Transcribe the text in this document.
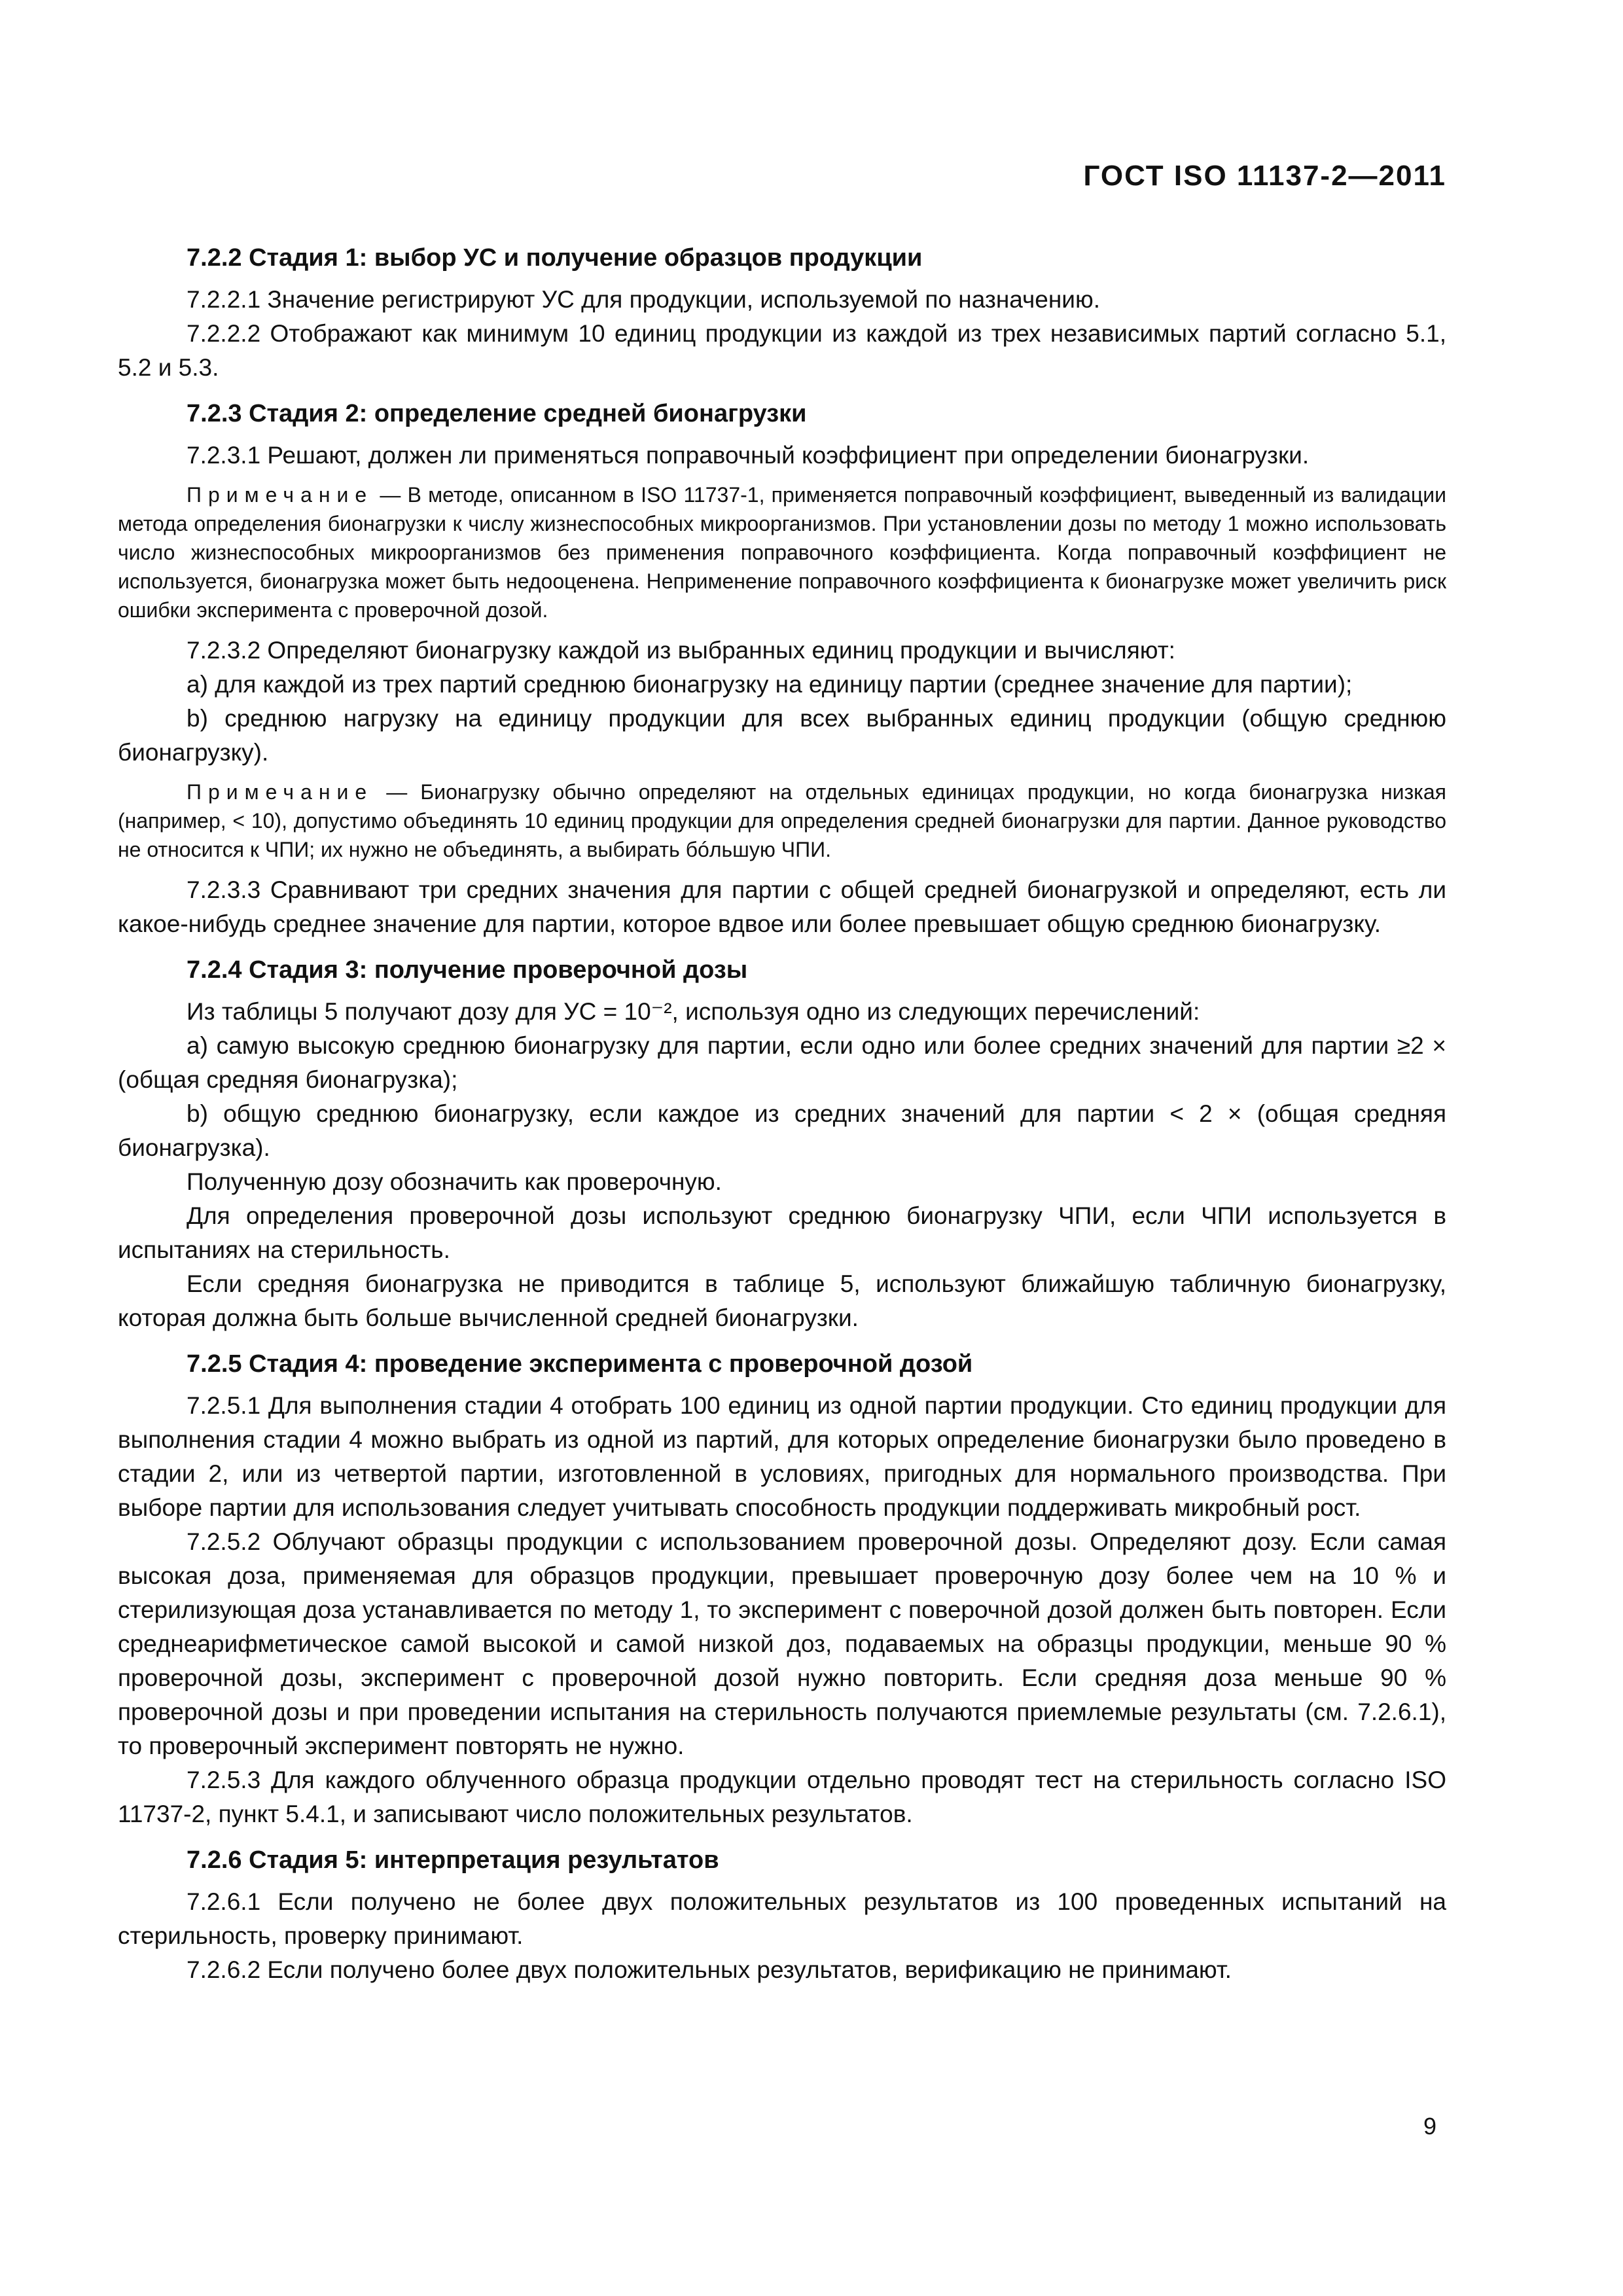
ГОСТ ISO 11137-2—2011
7.2.2 Стадия 1: выбор УС и получение образцов продукции

7.2.2.1 Значение регистрируют УС для продукции, используемой по назначению.

7.2.2.2 Отображают как минимум 10 единиц продукции из каждой из трех независимых партий согласно 5.1, 5.2 и 5.3.

7.2.3 Стадия 2: определение средней бионагрузки

7.2.3.1 Решают, должен ли применяться поправочный коэффициент при определении бионагрузки.

Примечание — В методе, описанном в ISO 11737-1, применяется поправочный коэффициент, выведенный из валидации метода определения бионагрузки к числу жизнеспособных микроорганизмов. При установлении дозы по методу 1 можно использовать число жизнеспособных микроорганизмов без применения поправочного коэффициента. Когда поправочный коэффициент не используется, бионагрузка может быть недооценена. Неприменение поправочного коэффициента к бионагрузке может увеличить риск ошибки эксперимента с проверочной дозой.

7.2.3.2 Определяют бионагрузку каждой из выбранных единиц продукции и вычисляют:

a) для каждой из трех партий среднюю бионагрузку на единицу партии (среднее значение для партии);

b) среднюю нагрузку на единицу продукции для всех выбранных единиц продукции (общую среднюю бионагрузку).

Примечание — Бионагрузку обычно определяют на отдельных единицах продукции, но когда бионагрузка низкая (например, < 10), допустимо объединять 10 единиц продукции для определения средней бионагрузки для партии. Данное руководство не относится к ЧПИ; их нужно не объединять, а выбирать бóльшую ЧПИ.

7.2.3.3 Сравнивают три средних значения для партии с общей средней бионагрузкой и определяют, есть ли какое-нибудь среднее значение для партии, которое вдвое или более превышает общую среднюю бионагрузку.

7.2.4 Стадия 3: получение проверочной дозы

Из таблицы 5 получают дозу для УС = 10⁻², используя одно из следующих перечислений:

a) самую высокую среднюю бионагрузку для партии, если одно или более средних значений для партии ≥2 × (общая средняя бионагрузка);

b) общую среднюю бионагрузку, если каждое из средних значений для партии < 2 × (общая средняя бионагрузка).

Полученную дозу обозначить как проверочную.

Для определения проверочной дозы используют среднюю бионагрузку ЧПИ, если ЧПИ используется в испытаниях на стерильность.

Если средняя бионагрузка не приводится в таблице 5, используют ближайшую табличную бионагрузку, которая должна быть больше вычисленной средней бионагрузки.

7.2.5 Стадия 4: проведение эксперимента с проверочной дозой

7.2.5.1 Для выполнения стадии 4 отобрать 100 единиц из одной партии продукции. Сто единиц продукции для выполнения стадии 4 можно выбрать из одной из партий, для которых определение бионагрузки было проведено в стадии 2, или из четвертой партии, изготовленной в условиях, пригодных для нормального производства. При выборе партии для использования следует учитывать способность продукции поддерживать микробный рост.

7.2.5.2 Облучают образцы продукции с использованием проверочной дозы. Определяют дозу. Если самая высокая доза, применяемая для образцов продукции, превышает проверочную дозу более чем на 10 % и стерилизующая доза устанавливается по методу 1, то эксперимент с поверочной дозой должен быть повторен. Если среднеарифметическое самой высокой и самой низкой доз, подаваемых на образцы продукции, меньше 90 % проверочной дозы, эксперимент с проверочной дозой нужно повторить. Если средняя доза меньше 90 % проверочной дозы и при проведении испытания на стерильность получаются приемлемые результаты (см. 7.2.6.1), то проверочный эксперимент повторять не нужно.

7.2.5.3 Для каждого облученного образца продукции отдельно проводят тест на стерильность согласно ISO 11737-2, пункт 5.4.1, и записывают число положительных результатов.

7.2.6 Стадия 5: интерпретация результатов

7.2.6.1 Если получено не более двух положительных результатов из 100 проведенных испытаний на стерильность, проверку принимают.

7.2.6.2 Если получено более двух положительных результатов, верификацию не принимают.

9
